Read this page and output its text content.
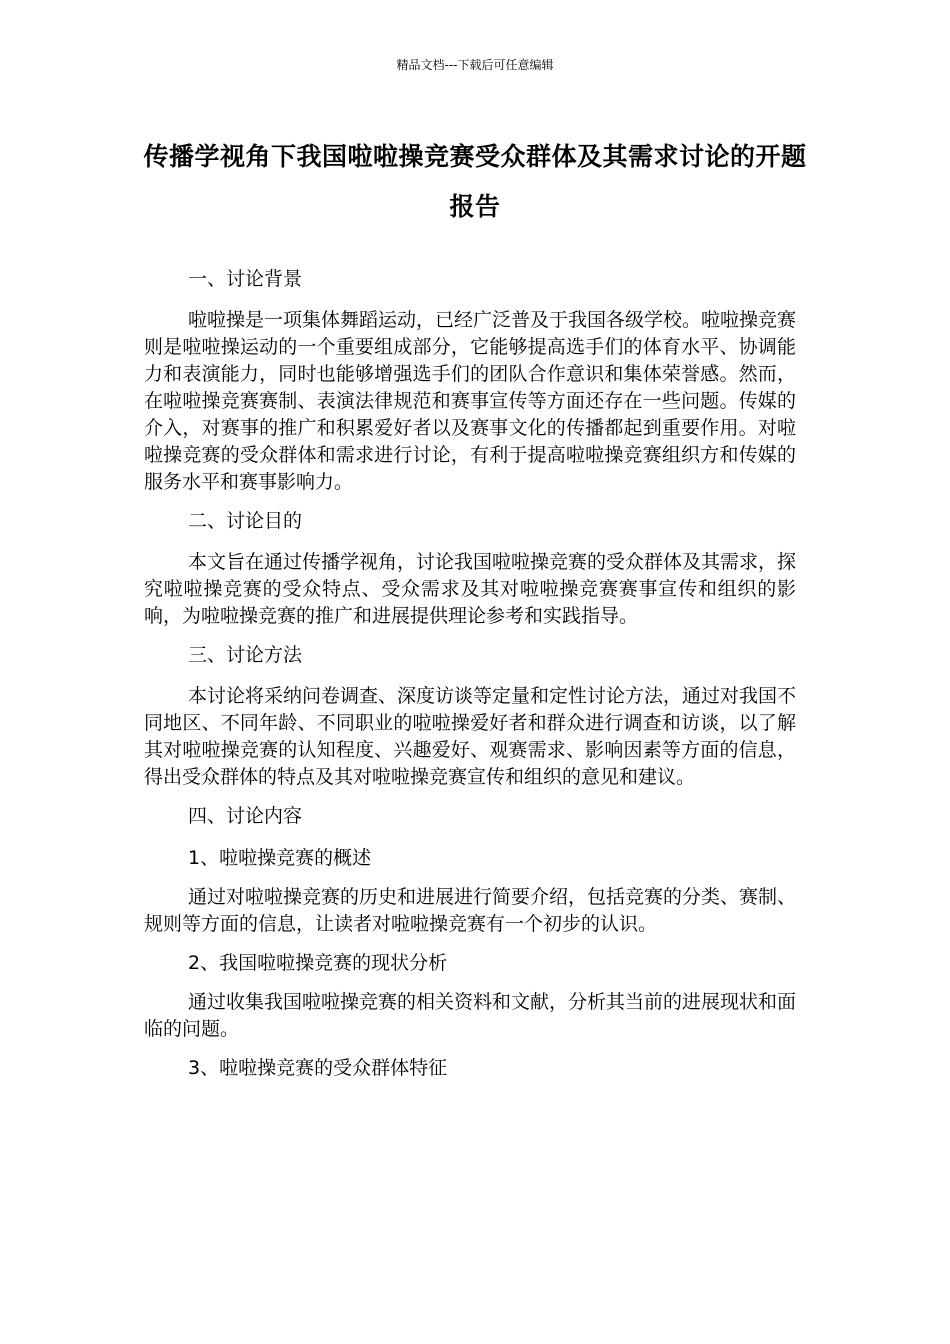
精品文档---下载后可任意编辑
传播学视角下我国啦啦操竞赛受众群体及其需求讨论的开题报告
一、讨论背景
啦啦操是一项集体舞蹈运动，已经广泛普及于我国各级学校。啦啦操竞赛则是啦啦操运动的一个重要组成部分，它能够提高选手们的体育水平、协调能力和表演能力，同时也能够增强选手们的团队合作意识和集体荣誉感。然而，在啦啦操竞赛赛制、表演法律规范和赛事宣传等方面还存在一些问题。传媒的介入，对赛事的推广和积累爱好者以及赛事文化的传播都起到重要作用。对啦啦操竞赛的受众群体和需求进行讨论，有利于提高啦啦操竞赛组织方和传媒的服务水平和赛事影响力。
二、讨论目的
本文旨在通过传播学视角，讨论我国啦啦操竞赛的受众群体及其需求，探究啦啦操竞赛的受众特点、受众需求及其对啦啦操竞赛赛事宣传和组织的影响，为啦啦操竞赛的推广和进展提供理论参考和实践指导。
三、讨论方法
本讨论将采纳问卷调查、深度访谈等定量和定性讨论方法，通过对我国不同地区、不同年龄、不同职业的啦啦操爱好者和群众进行调查和访谈，以了解其对啦啦操竞赛的认知程度、兴趣爱好、观赛需求、影响因素等方面的信息，得出受众群体的特点及其对啦啦操竞赛宣传和组织的意见和建议。
四、讨论内容
1、啦啦操竞赛的概述
通过对啦啦操竞赛的历史和进展进行简要介绍，包括竞赛的分类、赛制、规则等方面的信息，让读者对啦啦操竞赛有一个初步的认识。
2、我国啦啦操竞赛的现状分析
通过收集我国啦啦操竞赛的相关资料和文献，分析其当前的进展现状和面临的问题。
3、啦啦操竞赛的受众群体特征
